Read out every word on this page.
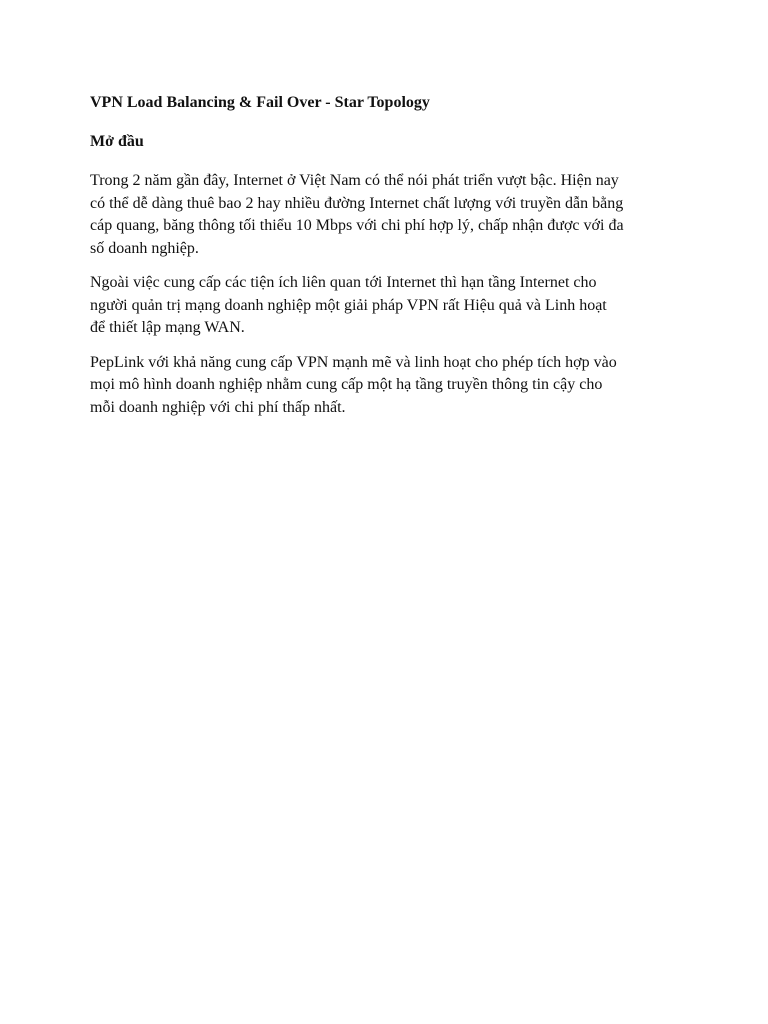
VPN Load Balancing & Fail Over - Star Topology
Mở đầu

Trong 2 năm gần đây, Internet ở Việt Nam có thể nói phát triển vượt bậc. Hiện nay
có thể dễ dàng thuê bao 2 hay nhiều đường Internet chất lượng với truyền dẫn bằng
cáp quang, băng thông tối thiểu 10 Mbps với chi phí hợp lý, chấp nhận được với đa
số doanh nghiệp.

Ngoài việc cung cấp các tiện ích liên quan tới Internet thì hạn tầng Internet cho
người quản trị mạng doanh nghiệp một giải pháp VPN rất Hiệu quả và Linh hoạt
để thiết lập mạng WAN.

PepLink với khả năng cung cấp VPN mạnh mẽ và linh hoạt cho phép tích hợp vào
mọi mô hình doanh nghiệp nhằm cung cấp một hạ tầng truyền thông tin cậy cho
mỗi doanh nghiệp với chi phí thấp nhất.
